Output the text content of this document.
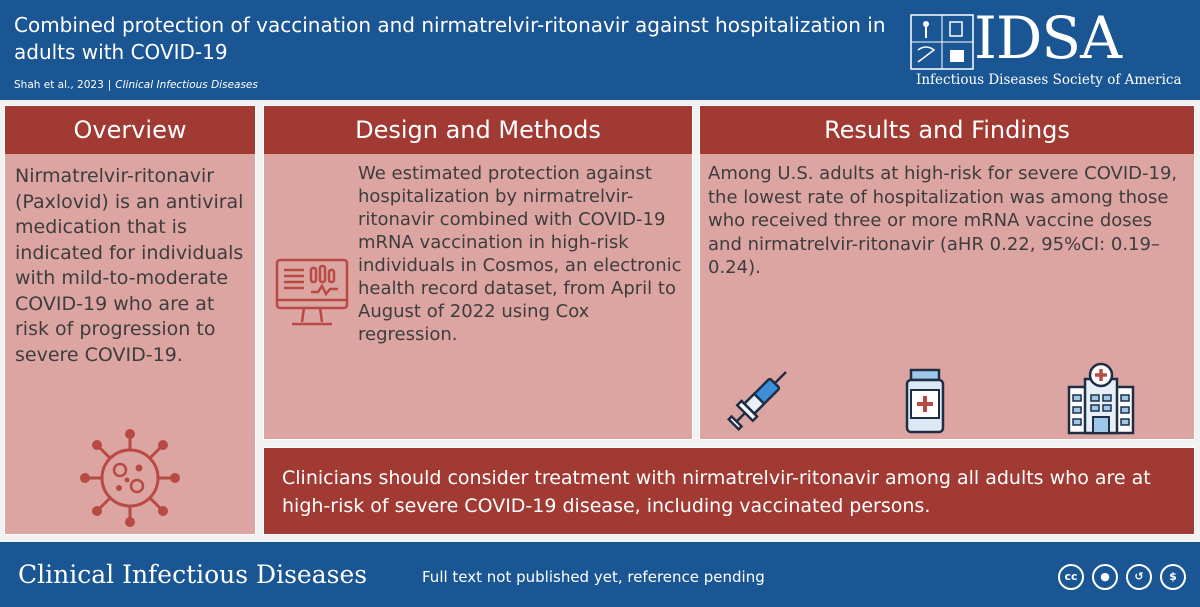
Combined protection of vaccination and nirmatrelvir-ritonavir against hospitalization in adults with COVID-19
Shah et al., 2023 | Clinical Infectious Diseases
IDSA
Infectious Diseases Society of America
Overview
Nirmatrelvir-ritonavir (Paxlovid) is an antiviral medication that is indicated for individuals with mild-to-moderate COVID-19 who are at risk of progression to severe COVID-19.
Design and Methods
We estimated protection against hospitalization by nirmatrelvir-ritonavir combined with COVID-19 mRNA vaccination in high-risk individuals in Cosmos, an electronic health record dataset, from April to August of 2022 using Cox regression.
Results and Findings
Among U.S. adults at high-risk for severe COVID-19, the lowest rate of hospitalization was among those who received three or more mRNA vaccine doses and nirmatrelvir-ritonavir (aHR 0.22, 95%CI: 0.19–0.24).
Clinicians should consider treatment with nirmatrelvir-ritonavir among all adults who are at high-risk of severe COVID-19 disease, including vaccinated persons.
Clinical Infectious Diseases	Full text not published yet, reference pending	cc ● ↺ $
